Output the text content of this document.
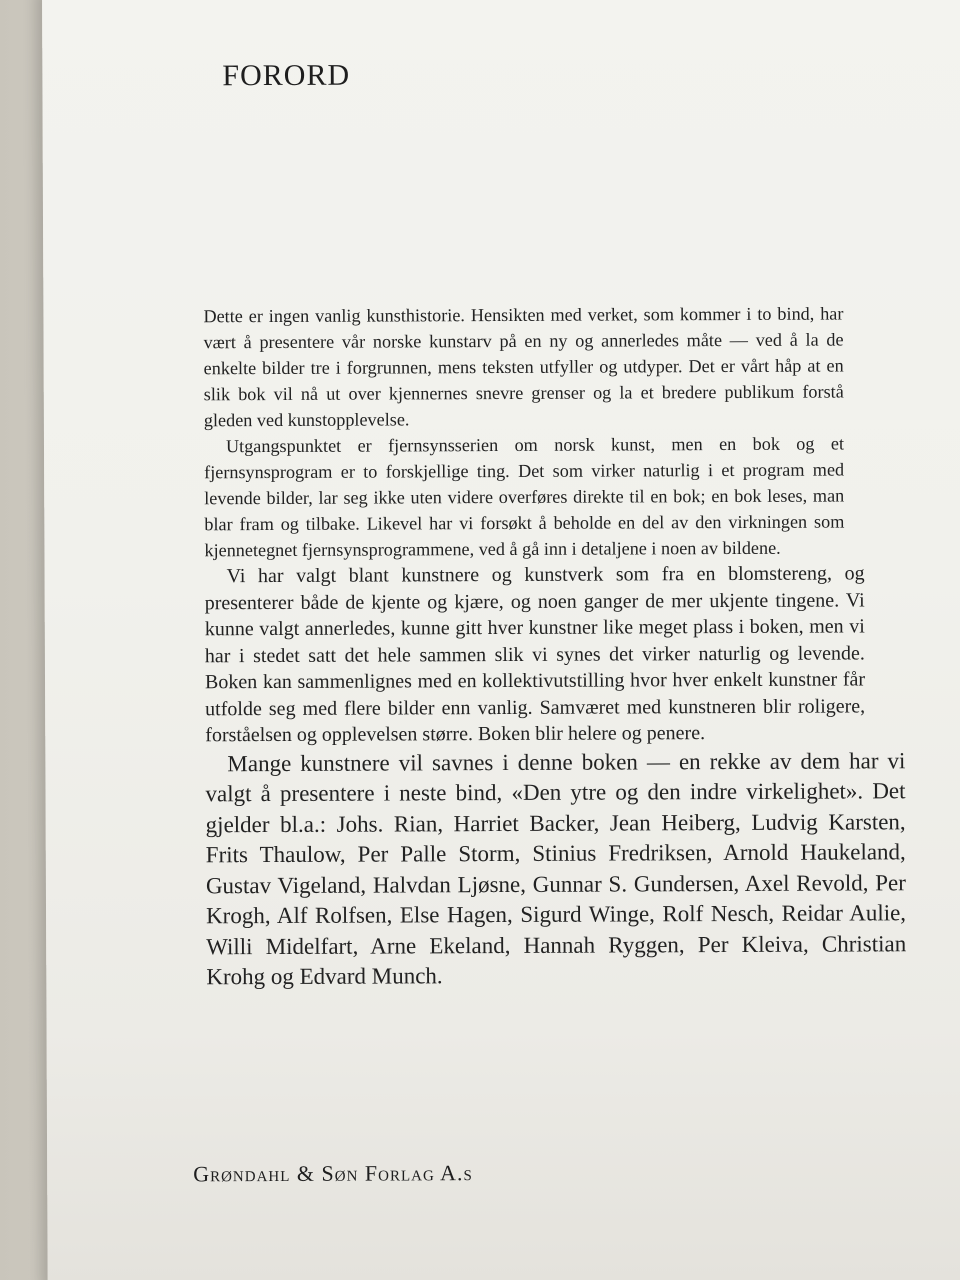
FORORD

Dette er ingen vanlig kunsthistorie. Hensikten med verket, som kommer i to bind, har vært å presentere vår norske kunstarv på en ny og annerledes måte — ved å la de enkelte bilder tre i forgrunnen, mens teksten utfyller og utdyper. Det er vårt håp at en slik bok vil nå ut over kjennernes snevre grenser og la et bredere publikum forstå gleden ved kunstopplevelse.

Utgangspunktet er fjernsynsserien om norsk kunst, men en bok og et fjernsynsprogram er to forskjellige ting. Det som virker naturlig i et program med levende bilder, lar seg ikke uten videre overføres direkte til en bok; en bok leses, man blar fram og tilbake. Likevel har vi forsøkt å beholde en del av den virkningen som kjennetegnet fjernsynsprogrammene, ved å gå inn i detaljene i noen av bildene.

Vi har valgt blant kunstnere og kunstverk som fra en blomstereng, og presenterer både de kjente og kjære, og noen ganger de mer ukjente tingene. Vi kunne valgt annerledes, kunne gitt hver kunstner like meget plass i boken, men vi har i stedet satt det hele sammen slik vi synes det virker naturlig og levende. Boken kan sammenlignes med en kollektivutstilling hvor hver enkelt kunstner får utfolde seg med flere bilder enn vanlig. Samværet med kunstneren blir roligere, forståelsen og opplevelsen større. Boken blir helere og penere.

Mange kunstnere vil savnes i denne boken — en rekke av dem har vi valgt å presentere i neste bind, «Den ytre og den indre virkelighet». Det gjelder bl.a.: Johs. Rian, Harriet Backer, Jean Heiberg, Ludvig Karsten, Frits Thaulow, Per Palle Storm, Stinius Fredriksen, Arnold Haukeland, Gustav Vigeland, Halvdan Ljøsne, Gunnar S. Gundersen, Axel Revold, Per Krogh, Alf Rolfsen, Else Hagen, Sigurd Winge, Rolf Nesch, Reidar Aulie, Willi Midelfart, Arne Ekeland, Hannah Ryggen, Per Kleiva, Christian Krohg og Edvard Munch.

Grøndahl & Søn Forlag A.s
